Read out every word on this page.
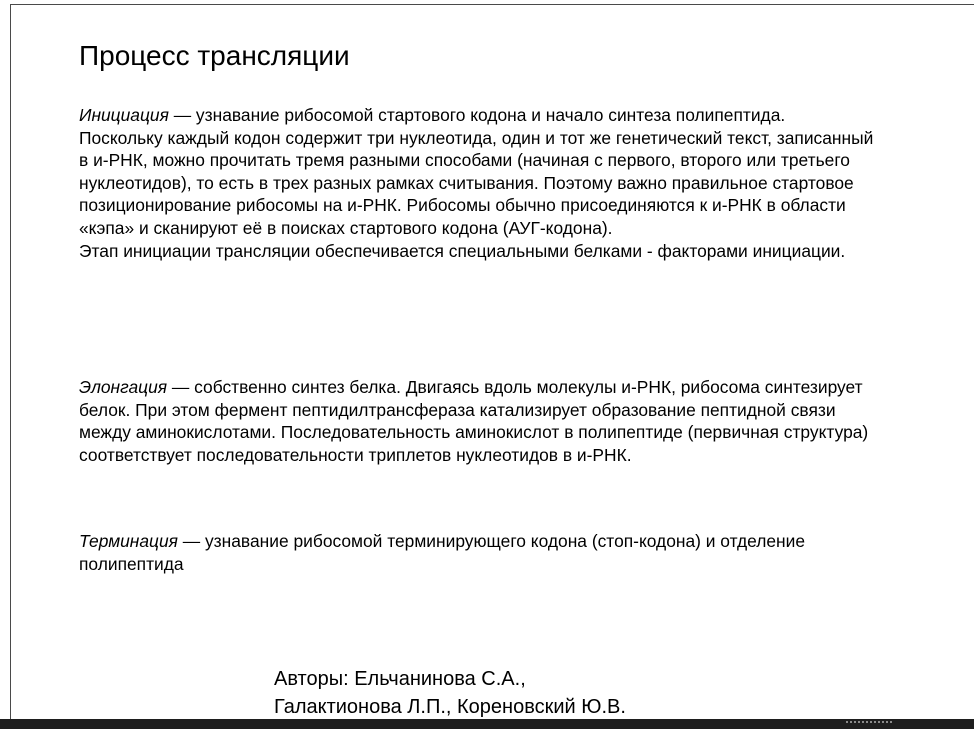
Процесс трансляции

Инициация — узнавание рибосомой стартового кодона и начало синтеза полипептида.

Поскольку каждый кодон содержит три нуклеотида, один и тот же генетический текст, записанный в и-РНК, можно прочитать тремя разными способами (начиная с первого, второго или третьего нуклеотидов), то есть в трех разных рамках считывания. Поэтому важно правильное стартовое позиционирование рибосомы на и-РНК. Рибосомы обычно присоединяются к и-РНК в области «кэпа» и сканируют её в поисках стартового кодона (АУГ-кодона).

Этап инициации трансляции обеспечивается специальными белками - факторами инициации.

Элонгация — собственно синтез белка. Двигаясь вдоль молекулы и-РНК, рибосома синтезирует белок. При этом фермент пептидилтрансфераза катализирует образование пептидной связи между аминокислотами. Последовательность аминокислот в полипептиде (первичная структура) соответствует последовательности триплетов нуклеотидов в и-РНК.

Терминация — узнавание рибосомой терминирующего кодона (стоп-кодона) и отделение полипептида

Авторы: Ельчанинова С.А.,
Галактионова Л.П., Кореновский Ю.В.
